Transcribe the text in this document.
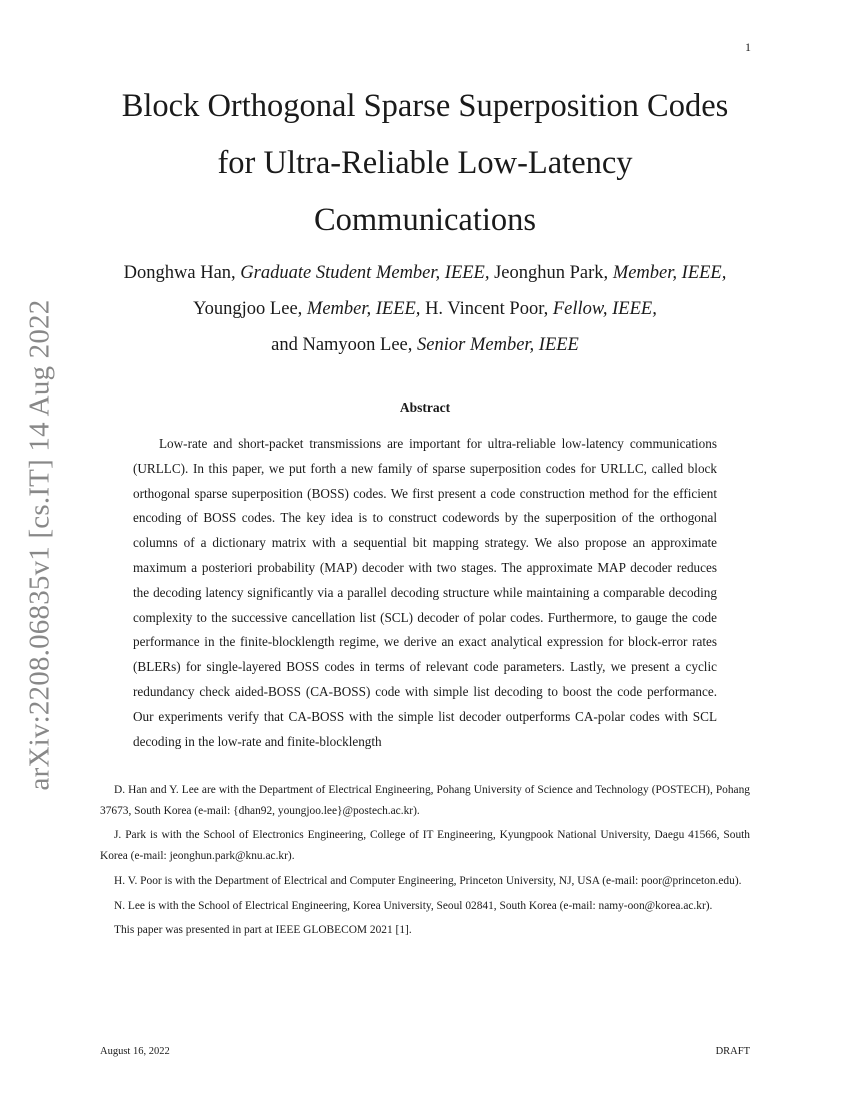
1
arXiv:2208.06835v1 [cs.IT] 14 Aug 2022
Block Orthogonal Sparse Superposition Codes
for Ultra-Reliable Low-Latency
Communications

Donghwa Han, Graduate Student Member, IEEE, Jeonghun Park, Member, IEEE,
Youngjoo Lee, Member, IEEE, H. Vincent Poor, Fellow, IEEE,
and Namyoon Lee, Senior Member, IEEE

Abstract

Low-rate and short-packet transmissions are important for ultra-reliable low-latency communications (URLLC). In this paper, we put forth a new family of sparse superposition codes for URLLC, called block orthogonal sparse superposition (BOSS) codes. We first present a code construction method for the efficient encoding of BOSS codes. The key idea is to construct codewords by the superposition of the orthogonal columns of a dictionary matrix with a sequential bit mapping strategy. We also propose an approximate maximum a posteriori probability (MAP) decoder with two stages. The approximate MAP decoder reduces the decoding latency significantly via a parallel decoding structure while maintaining a comparable decoding complexity to the successive cancellation list (SCL) decoder of polar codes. Furthermore, to gauge the code performance in the finite-blocklength regime, we derive an exact analytical expression for block-error rates (BLERs) for single-layered BOSS codes in terms of relevant code parameters. Lastly, we present a cyclic redundancy check aided-BOSS (CA-BOSS) code with simple list decoding to boost the code performance. Our experiments verify that CA-BOSS with the simple list decoder outperforms CA-polar codes with SCL decoding in the low-rate and finite-blocklength

D. Han and Y. Lee are with the Department of Electrical Engineering, Pohang University of Science and Technology (POSTECH), Pohang 37673, South Korea (e-mail: {dhan92, youngjoo.lee}@postech.ac.kr).

J. Park is with the School of Electronics Engineering, College of IT Engineering, Kyungpook National University, Daegu 41566, South Korea (e-mail: jeonghun.park@knu.ac.kr).

H. V. Poor is with the Department of Electrical and Computer Engineering, Princeton University, NJ, USA (e-mail: poor@princeton.edu).

N. Lee is with the School of Electrical Engineering, Korea University, Seoul 02841, South Korea (e-mail: namy-oon@korea.ac.kr).

This paper was presented in part at IEEE GLOBECOM 2021 [1].

August 16, 2022	DRAFT
